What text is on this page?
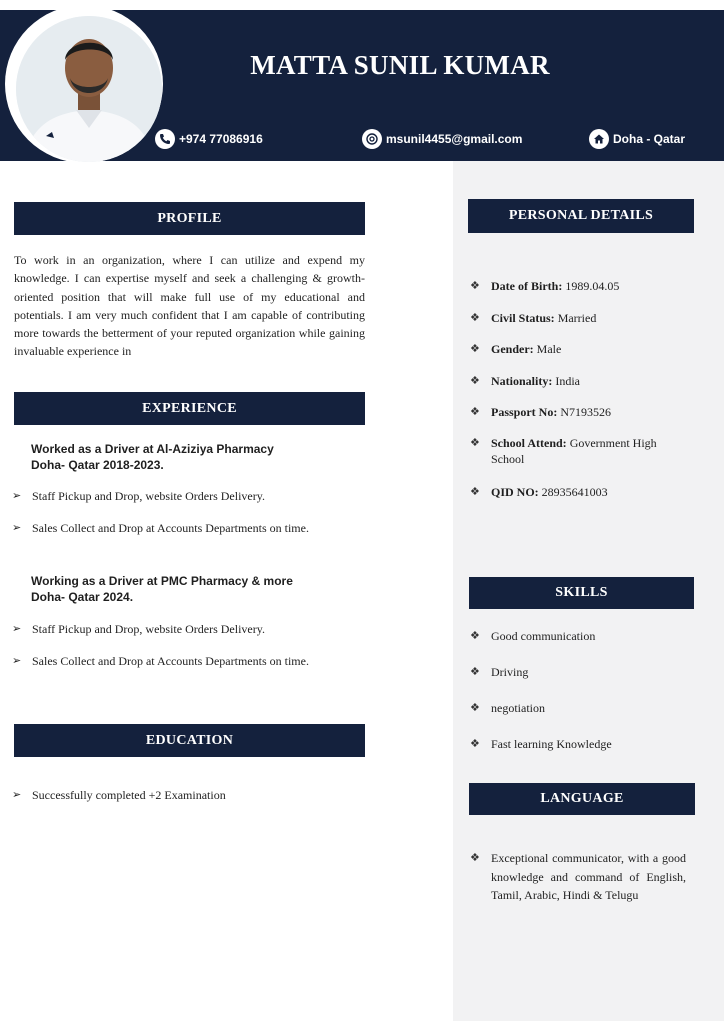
MATTA SUNIL KUMAR
+974 77086916	msunil4455@gmail.com	Doha - Qatar
PROFILE
To work in an organization, where I can utilize and expend my knowledge. I can expertise myself and seek a challenging & growth-oriented position that will make full use of my educational and potentials. I am very much confident that I am capable of contributing more towards the betterment of your reputed organization while gaining invaluable experience in
EXPERIENCE
Worked as a Driver at Al-Aziziya Pharmacy
Doha- Qatar 2018-2023.
➢ Staff Pickup and Drop, website Orders Delivery.
➢ Sales Collect and Drop at Accounts Departments on time.
Working as a Driver at PMC Pharmacy & more
Doha- Qatar 2024.
➢ Staff Pickup and Drop, website Orders Delivery.
➢ Sales Collect and Drop at Accounts Departments on time.
EDUCATION
➢ Successfully completed +2 Examination
PERSONAL DETAILS
❖ Date of Birth: 1989.04.05
❖ Civil Status: Married
❖ Gender: Male
❖ Nationality: India
❖ Passport No: N7193526
❖ School Attend: Government High School
❖ QID NO: 28935641003
SKILLS
❖ Good communication
❖ Driving
❖ negotiation
❖ Fast learning Knowledge
LANGUAGE
❖ Exceptional communicator, with a good knowledge and command of English, Tamil, Arabic, Hindi & Telugu
